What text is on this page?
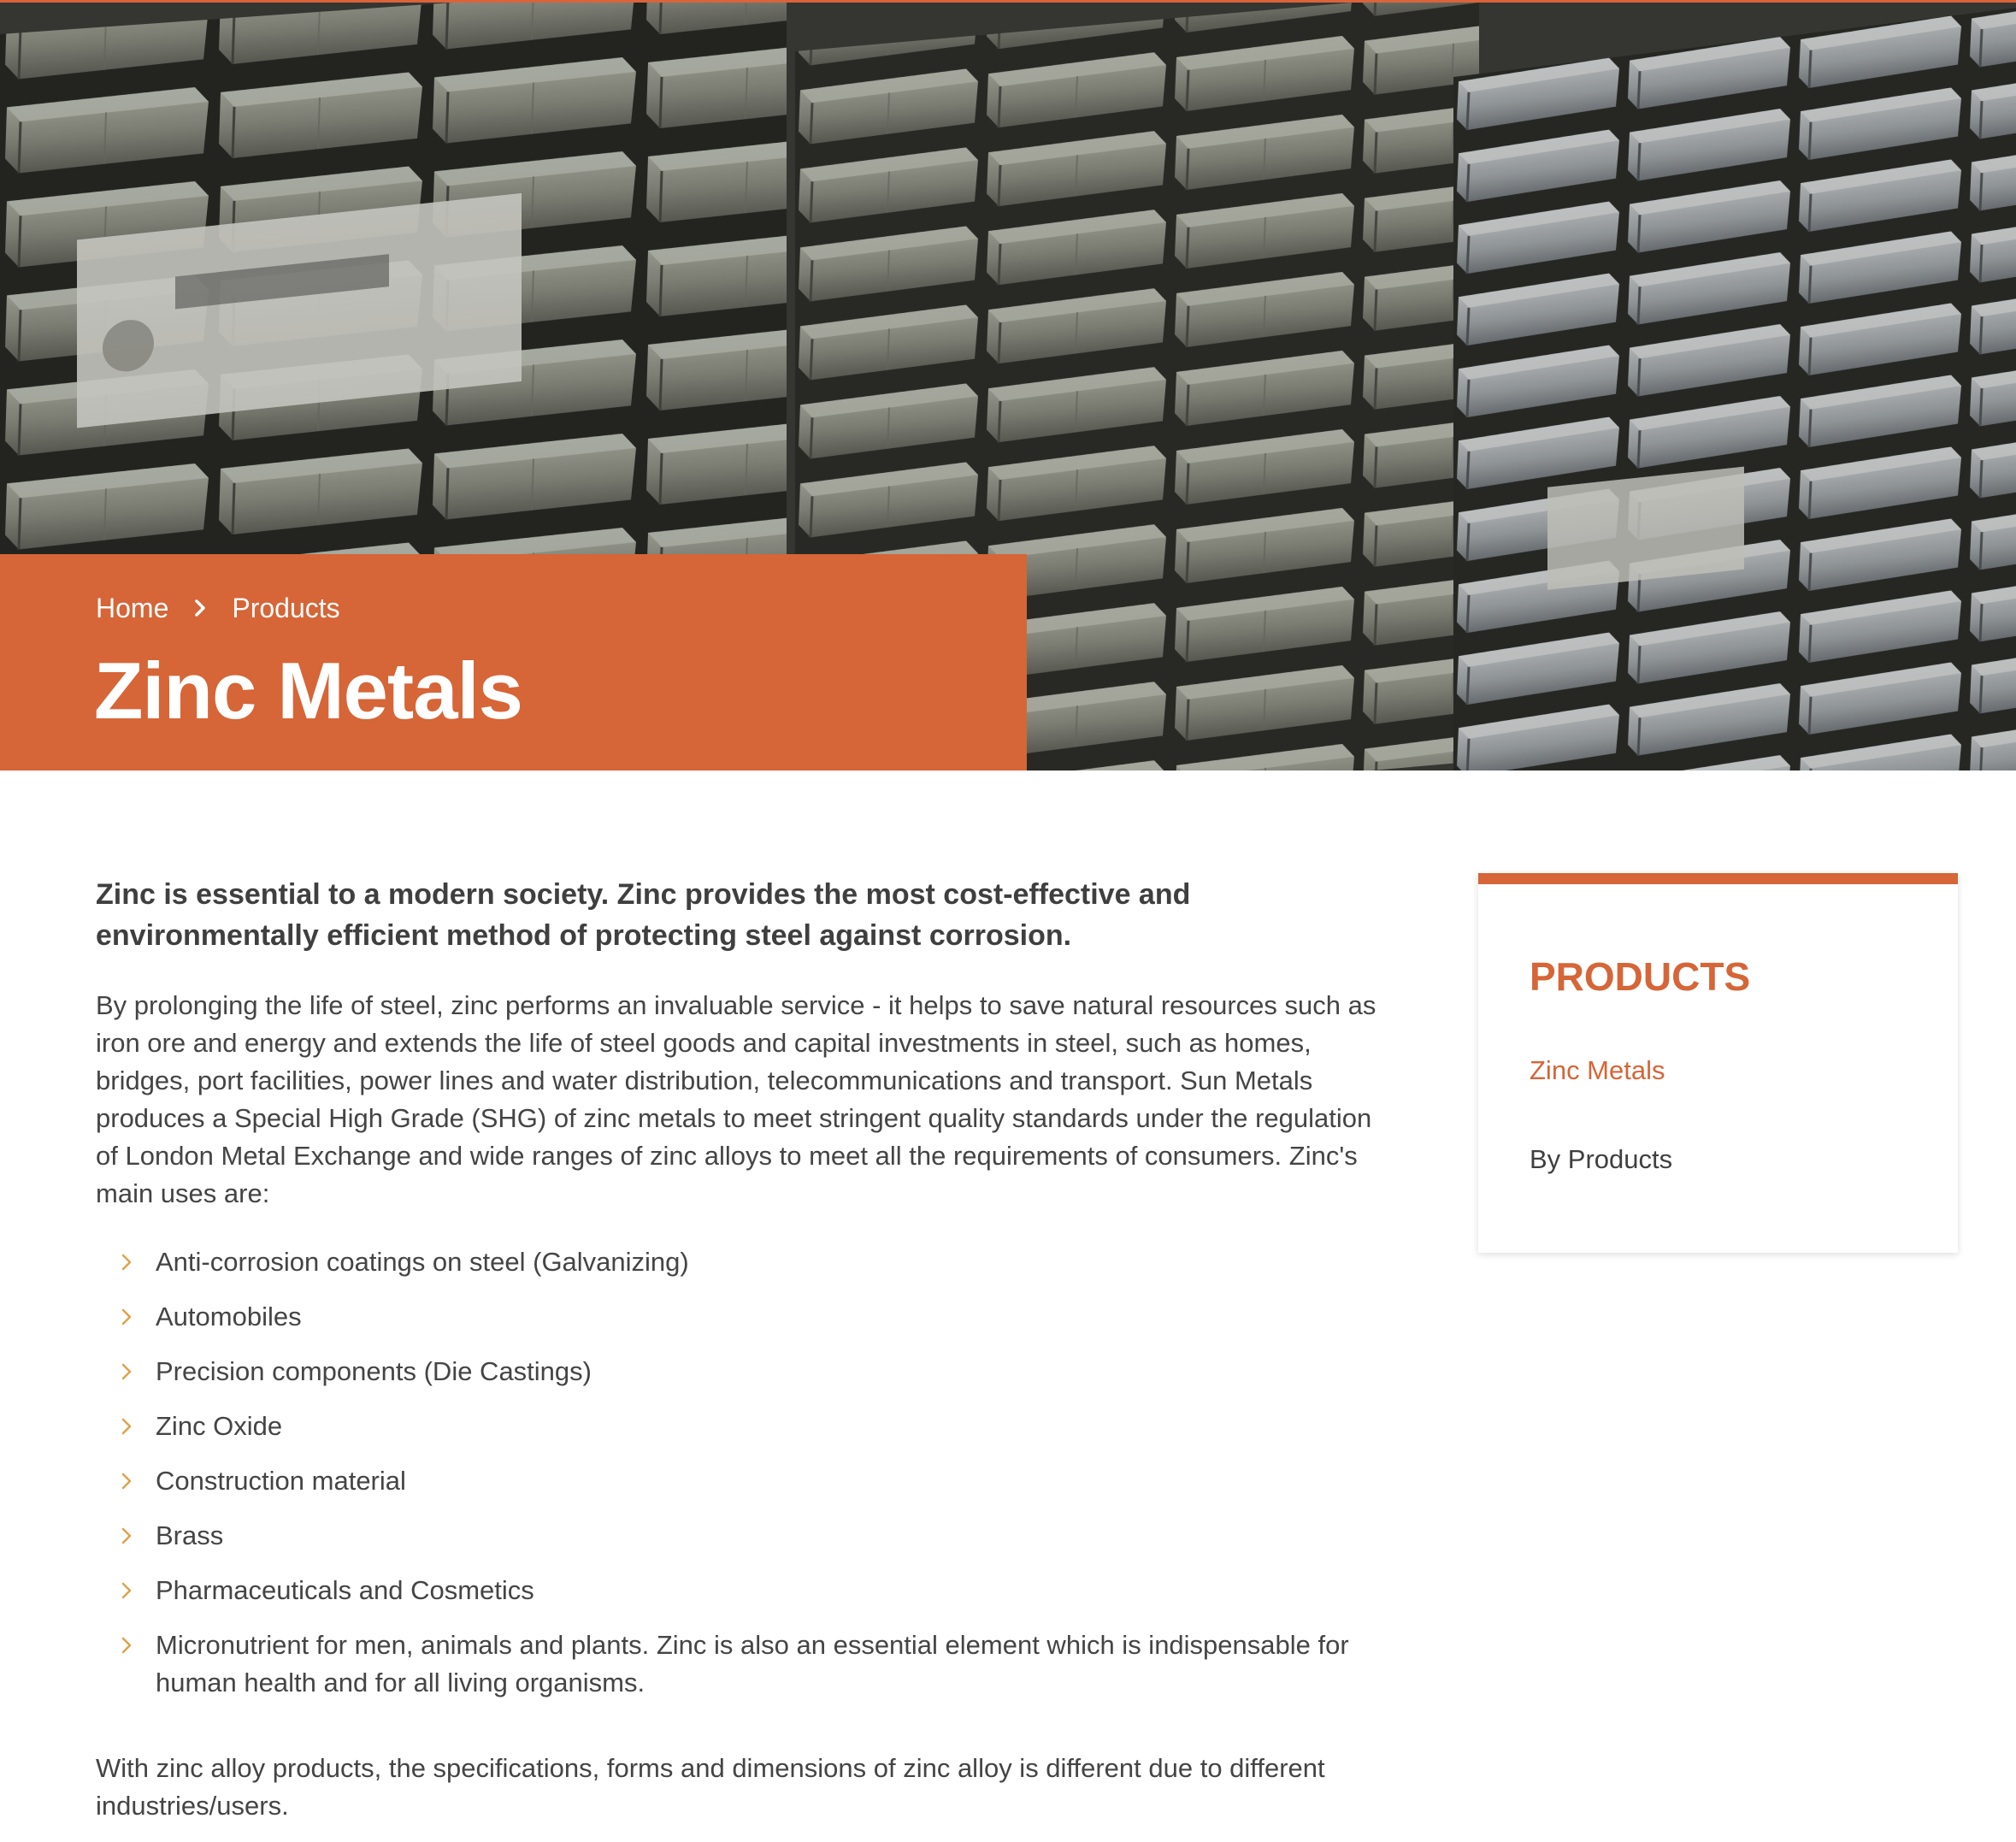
Home Products
Zinc Metals

Zinc is essential to a modern society. Zinc provides the most cost-effective and environmentally efficient method of protecting steel against corrosion.

By prolonging the life of steel, zinc performs an invaluable service - it helps to save natural resources such as iron ore and energy and extends the life of steel goods and capital investments in steel, such as homes, bridges, port facilities, power lines and water distribution, telecommunications and transport. Sun Metals produces a Special High Grade (SHG) of zinc metals to meet stringent quality standards under the regulation of London Metal Exchange and wide ranges of zinc alloys to meet all the requirements of consumers. Zinc's main uses are:

Anti-corrosion coatings on steel (Galvanizing)
Automobiles
Precision components (Die Castings)
Zinc Oxide
Construction material
Brass
Pharmaceuticals and Cosmetics
Micronutrient for men, animals and plants. Zinc is also an essential element which is indispensable for human health and for all living organisms.

With zinc alloy products, the specifications, forms and dimensions of zinc alloy is different due to different industries/users.

PRODUCTS
Zinc Metals
By Products
